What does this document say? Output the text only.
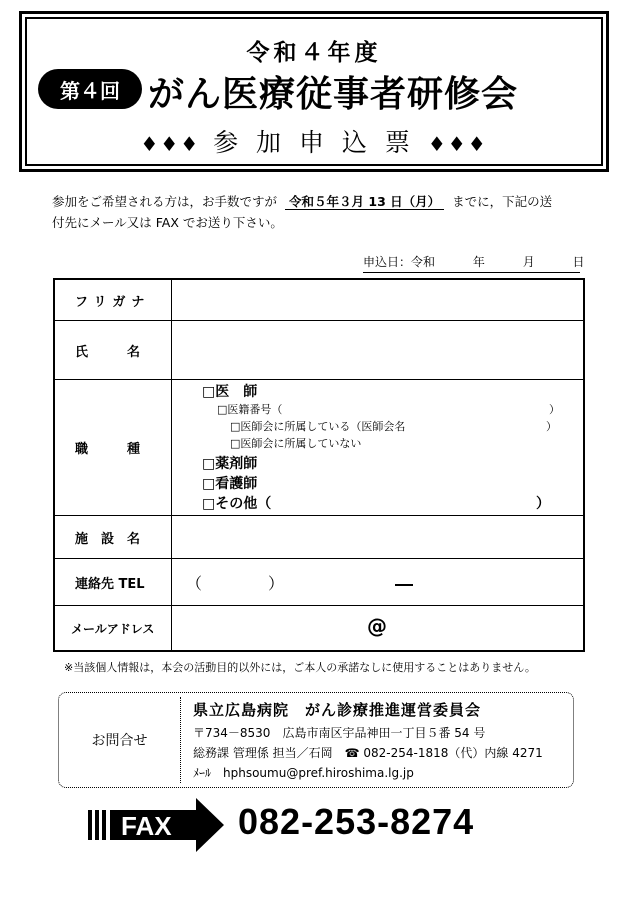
令和４年度
第４回 がん医療従事者研修会
♦♦♦ 参 加 申 込 票 ♦♦♦
参加をご希望される方は，お手数ですが 令和５年３月 13 日（月） までに，下記の送
付先にメール又は FAX でお送り下さい。
申込日：令和	年	月	日
フリガナ
氏　　　名
職　　　種
□医　師
□医籍番号（	）
□医師会に所属している（医師会名	）
□医師会に所属していない
□薬剤師
□看護師
□その他（	）
施　設　名
連絡先 TEL	（	）
メールアドレス	@
※当該個人情報は，本会の活動目的以外には，ご本人の承諾なしに使用することはありません。
お問合せ
県立広島病院　がん診療推進運営委員会
〒734－8530　広島市南区宇品神田一丁目５番 54 号
総務課 管理係 担当／石岡　☎ 082-254-1818（代）内線 4271
ﾒｰﾙ　hphsoumu@pref.hiroshima.lg.jp
FAX 082-253-8274
